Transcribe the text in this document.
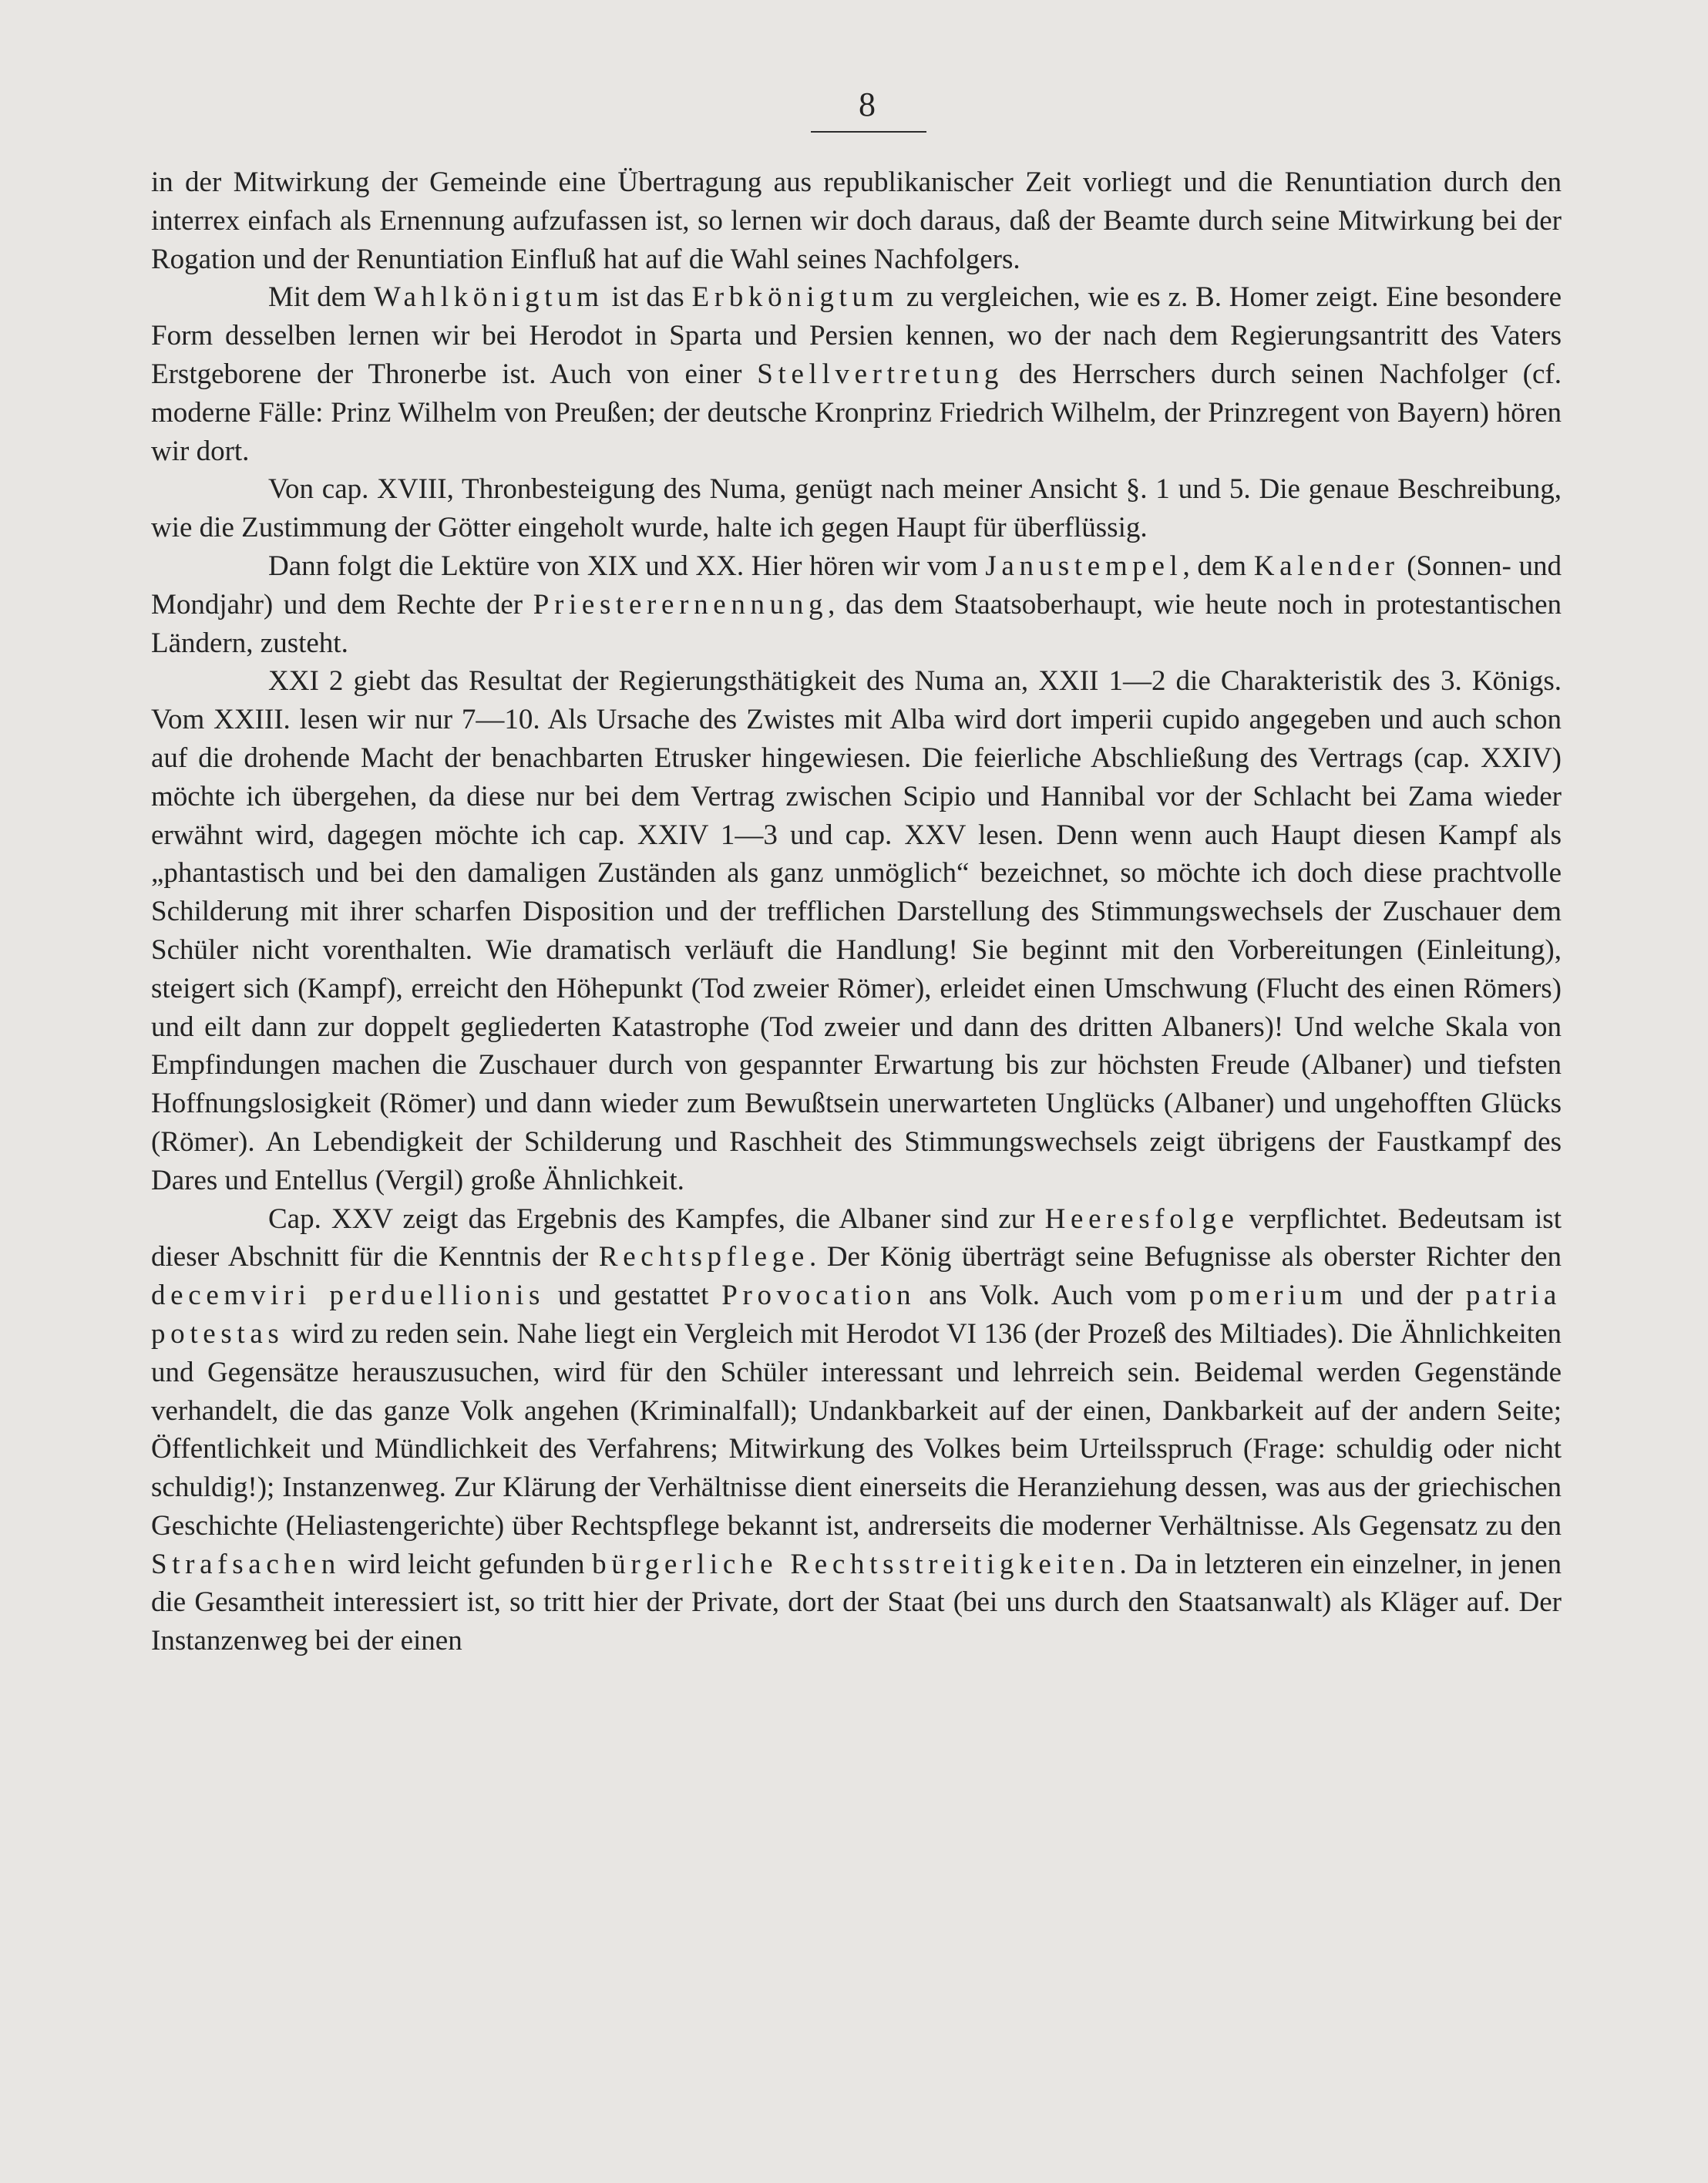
8

in der Mitwirkung der Gemeinde eine Übertragung aus republikanischer Zeit vorliegt und die Renuntiation durch den interrex einfach als Ernennung aufzufassen ist, so lernen wir doch daraus, daß der Beamte durch seine Mitwirkung bei der Rogation und der Renuntiation Einfluß hat auf die Wahl seines Nachfolgers.

Mit dem Wahlkönigtum ist das Erbkönigtum zu vergleichen, wie es z. B. Homer zeigt. Eine besondere Form desselben lernen wir bei Herodot in Sparta und Persien kennen, wo der nach dem Regierungsantritt des Vaters Erstgeborene der Thronerbe ist. Auch von einer Stellvertretung des Herrschers durch seinen Nachfolger (cf. moderne Fälle: Prinz Wilhelm von Preußen; der deutsche Kronprinz Friedrich Wilhelm, der Prinzregent von Bayern) hören wir dort.

Von cap. XVIII, Thronbesteigung des Numa, genügt nach meiner Ansicht §. 1 und 5. Die genaue Beschreibung, wie die Zustimmung der Götter eingeholt wurde, halte ich gegen Haupt für überflüssig.

Dann folgt die Lektüre von XIX und XX. Hier hören wir vom Janustempel, dem Kalender (Sonnen- und Mondjahr) und dem Rechte der Priesterernennung, das dem Staatsoberhaupt, wie heute noch in protestantischen Ländern, zusteht.

XXI 2 giebt das Resultat der Regierungsthätigkeit des Numa an, XXII 1—2 die Charakteristik des 3. Königs. Vom XXIII. lesen wir nur 7—10. Als Ursache des Zwistes mit Alba wird dort imperii cupido angegeben und auch schon auf die drohende Macht der benachbarten Etrusker hingewiesen. Die feierliche Abschließung des Vertrags (cap. XXIV) möchte ich übergehen, da diese nur bei dem Vertrag zwischen Scipio und Hannibal vor der Schlacht bei Zama wieder erwähnt wird, dagegen möchte ich cap. XXIV 1—3 und cap. XXV lesen. Denn wenn auch Haupt diesen Kampf als „phantastisch und bei den damaligen Zuständen als ganz unmöglich“ bezeichnet, so möchte ich doch diese prachtvolle Schilderung mit ihrer scharfen Disposition und der trefflichen Darstellung des Stimmungswechsels der Zuschauer dem Schüler nicht vorenthalten. Wie dramatisch verläuft die Handlung! Sie beginnt mit den Vorbereitungen (Einleitung), steigert sich (Kampf), erreicht den Höhepunkt (Tod zweier Römer), erleidet einen Umschwung (Flucht des einen Römers) und eilt dann zur doppelt gegliederten Katastrophe (Tod zweier und dann des dritten Albaners)! Und welche Skala von Empfindungen machen die Zuschauer durch von gespannter Erwartung bis zur höchsten Freude (Albaner) und tiefsten Hoffnungslosigkeit (Römer) und dann wieder zum Bewußtsein unerwarteten Unglücks (Albaner) und ungehofften Glücks (Römer). An Lebendigkeit der Schilderung und Raschheit des Stimmungswechsels zeigt übrigens der Faustkampf des Dares und Entellus (Vergil) große Ähnlichkeit.

Cap. XXV zeigt das Ergebnis des Kampfes, die Albaner sind zur Heeresfolge verpflichtet. Bedeutsam ist dieser Abschnitt für die Kenntnis der Rechtspflege. Der König überträgt seine Befugnisse als oberster Richter den decemviri perduellionis und gestattet Provocation ans Volk. Auch vom pomerium und der patria potestas wird zu reden sein. Nahe liegt ein Vergleich mit Herodot VI 136 (der Prozeß des Miltiades). Die Ähnlichkeiten und Gegensätze herauszusuchen, wird für den Schüler interessant und lehrreich sein. Beidemal werden Gegenstände verhandelt, die das ganze Volk angehen (Kriminalfall); Undankbarkeit auf der einen, Dankbarkeit auf der andern Seite; Öffentlichkeit und Mündlichkeit des Verfahrens; Mitwirkung des Volkes beim Urteilsspruch (Frage: schuldig oder nicht schuldig!); Instanzenweg. Zur Klärung der Verhältnisse dient einerseits die Heranziehung dessen, was aus der griechischen Geschichte (Heliastengerichte) über Rechtspflege bekannt ist, andrerseits die moderner Verhältnisse. Als Gegensatz zu den Strafsachen wird leicht gefunden bürgerliche Rechtsstreitigkeiten. Da in letzteren ein einzelner, in jenen die Gesamtheit interessiert ist, so tritt hier der Private, dort der Staat (bei uns durch den Staatsanwalt) als Kläger auf. Der Instanzenweg bei der einen
